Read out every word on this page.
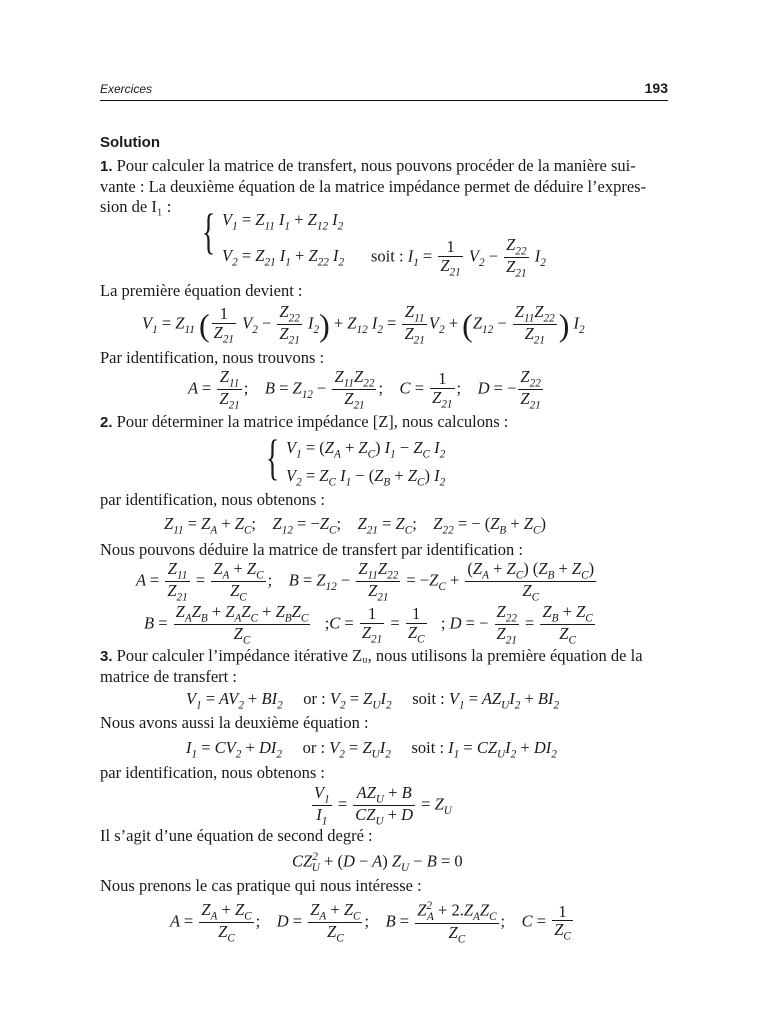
Exercices	193
Solution
1. Pour calculer la matrice de transfert, nous pouvons procéder de la manière sui-
vante : La deuxième équation de la matrice impédance permet de déduire l’expres-
sion de I₁ : { $V_1 = Z_{11}$ $I_1 + Z_{12}$ $I_2$
$V_2 = Z_{21}$ $I_1 + Z_{22}$ $I_2$ soit : $I_1 = \frac{1}{Z_{21}} V_2 - \frac{Z_{22}}{Z_{21}} I_2$
La première équation devient :
$V_1 = Z_{11}$ ( $\frac{1}{Z_{21}} V_2 - \frac{Z_{22}}{Z_{21}} I_2) + Z_{12}$ $I_2 = \frac{Z_{11}}{Z_{21}} V_2 + (Z_{12} - \frac{Z_{11}Z_{22}}{Z_{21}}$ ) $I_2$
Par identification, nous trouvons :
$A = \frac{Z_{11}}{Z_{21}}$ ;    $B = Z_{12} - \frac{Z_{11}Z_{22}}{Z_{21}}$ ;    $C = \frac{1}{Z_{21}}$ ;    D = − $\frac{Z_{22}}{Z_{21}}$
2. Pour déterminer la matrice impédance [Z], nous calculons :
{ $V_1 = (Z_A + Z_C) I_1 - Z_C$ $I_2$
$V_2 = Z_C$ $I_1 - (Z_B + Z_C)$ $I_2$
par identification, nous obtenons :
$Z_{11} = Z_A + Z_C$;    $Z_{12} = -Z_C$;    $Z_{21} = Z_C$;    $Z_{22}$ = − $(Z_B + Z_C)$
Nous pouvons déduire la matrice de transfert par identification :
$A = \frac{Z_{11}}{Z_{21}} = \frac{Z_A + Z_C}{Z_C}$ ;    $B = Z_{12} - \frac{Z_{11}Z_{22}}{Z_{21}} = -Z_C + \frac{(Z_A + Z_C) (Z_B + Z_C)}{Z_C}$
$B = \frac{Z_AZ_B + Z_AZ_C + Z_BZ_C}{Z_C}$ ;C = $\frac{1}{Z_{21}} = \frac{1}{Z_C}$ ; D = − $\frac{Z_{22}}{Z_{21}} = \frac{Z_B + Z_C}{Z_C}$
3. Pour calculer l’impédance itérative Zᵤ, nous utilisons la première équation de la
matrice de transfert :
$V_1 = AV_2 + BI_2$ or : $V_2 = Z_UI_2$ soit : $V_1 = AZ_UI_2 + BI_2$
Nous avons aussi la deuxième équation :
$I_1 = CV_2 + DI_2$ or : $V_2 = Z_UI_2$ soit : $I_1 = CZ_UI_2 + DI_2$
par identification, nous obtenons :
$\frac{V_1}{I_1} = \frac{AZ_U + B}{CZ_U + D} = Z_U$
Il s’agit d’une équation de second degré :
$CZ^2_U + (D - A) Z_U - B = 0$
Nous prenons le cas pratique qui nous intéresse :
$A = \frac{Z_A + Z_C}{Z_C}$ ;    $D = \frac{Z_A + Z_C}{Z_C}$ ;    $B = \frac{Z^2_A + 2.Z_AZ_C}{Z_C}$ ;    $C = \frac{1}{Z_C}$
